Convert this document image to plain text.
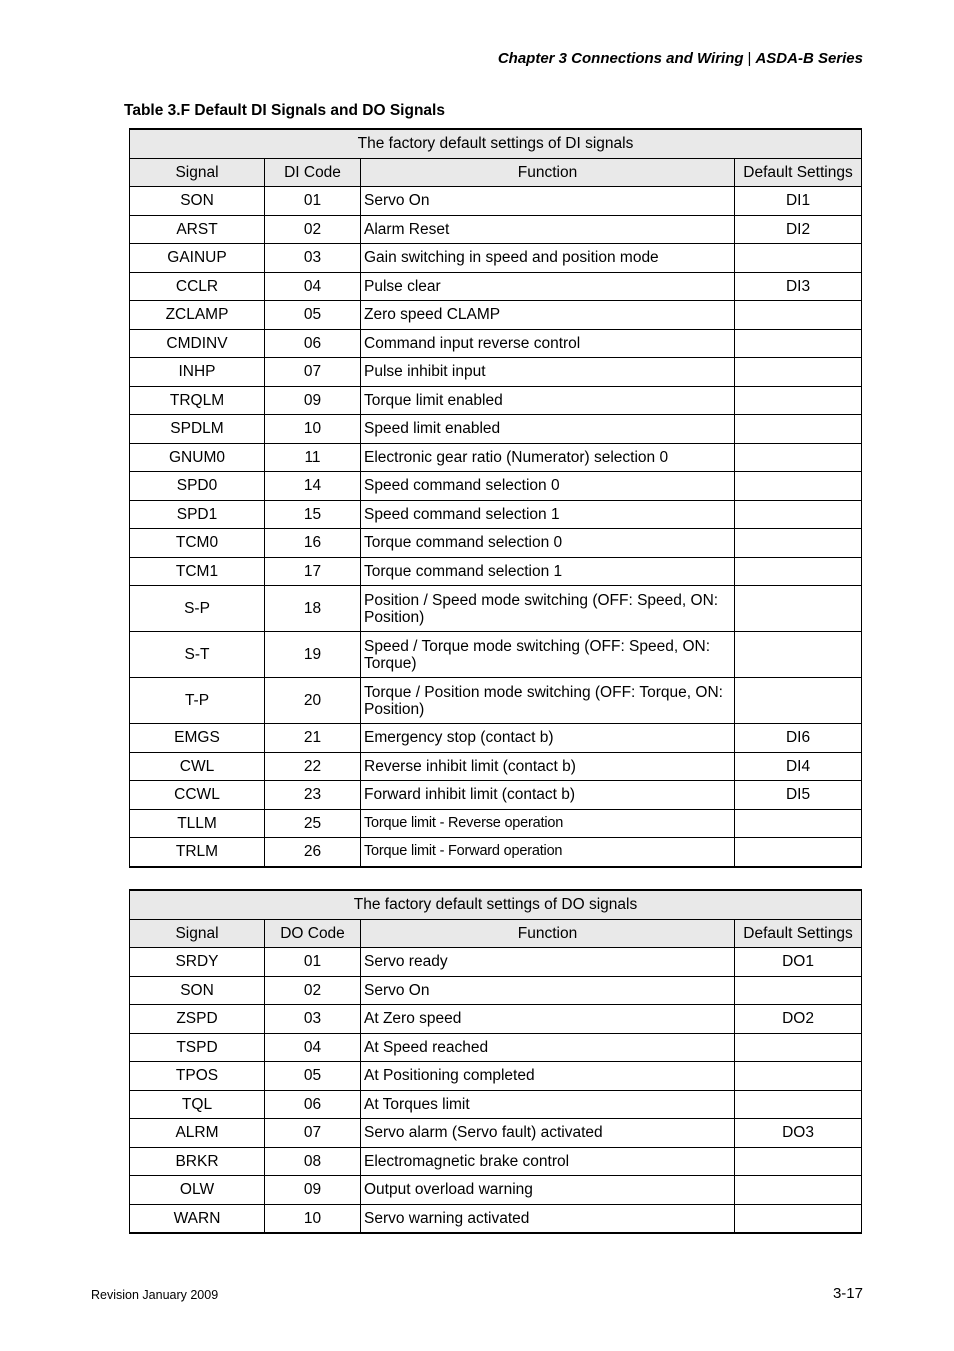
Chapter 3 Connections and Wiring | ASDA-B Series
Table 3.F Default DI Signals and DO Signals
The factory default settings of DI signals			
Signal	DI Code	Function	Default Settings
SON	01	Servo On	DI1
ARST	02	Alarm Reset	DI2
GAINUP	03	Gain switching in speed and position mode	
CCLR	04	Pulse clear	DI3
ZCLAMP	05	Zero speed CLAMP	
CMDINV	06	Command input reverse control	
INHP	07	Pulse inhibit input	
TRQLM	09	Torque limit enabled	
SPDLM	10	Speed limit enabled	
GNUM0	11	Electronic gear ratio (Numerator) selection 0	
SPD0	14	Speed command selection 0	
SPD1	15	Speed command selection 1	
TCM0	16	Torque command selection 0	
TCM1	17	Torque command selection 1	
S-P	18	Position / Speed mode switching (OFF: Speed, ON: Position)	
S-T	19	Speed / Torque mode switching (OFF: Speed, ON: Torque)	
T-P	20	Torque / Position mode switching (OFF: Torque, ON: Position)	
EMGS	21	Emergency stop (contact b)	DI6
CWL	22	Reverse inhibit limit (contact b)	DI4
CCWL	23	Forward inhibit limit (contact b)	DI5
TLLM	25	Torque limit - Reverse operation	
TRLM	26	Torque limit - Forward operation	
The factory default settings of DO signals			
Signal	DO Code	Function	Default Settings
SRDY	01	Servo ready	DO1
SON	02	Servo On	
ZSPD	03	At Zero speed	DO2
TSPD	04	At Speed reached	
TPOS	05	At Positioning completed	
TQL	06	At Torques limit	
ALRM	07	Servo alarm (Servo fault) activated	DO3
BRKR	08	Electromagnetic brake control	
OLW	09	Output overload warning	
WARN	10	Servo warning activated	
Revision January 2009	3-17
